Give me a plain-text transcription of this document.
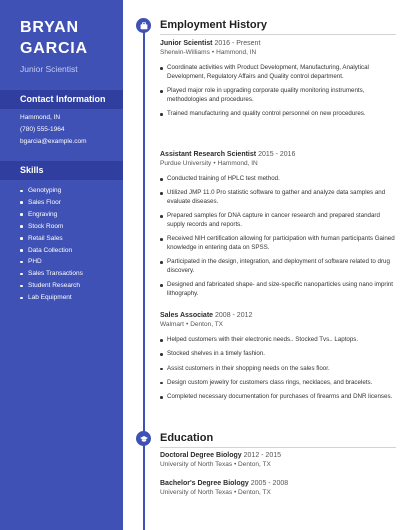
BRYAN
GARCIA
Junior Scientist
Contact Information
Hammond, IN
(780) 555-1964
bgarcia@example.com
Skills
Genotyping
Sales Floor
Engraving
Stock Room
Retail Sales
Data Collection
PHD
Sales Transactions
Student Research
Lab Equipment
Employment History
Junior Scientist 2016 - Present
Sherwin-Williams • Hammond, IN
Coordinate activities with Product Development, Manufacturing, Analytical Development, Regulatory Affairs and Quality control department.
Played major role in upgrading corporate quality monitoring instruments, methodologies and procedures.
Trained manufacturing and quality control personnel on new procedures.
Assistant Research Scientist 2015 - 2016
Purdue University • Hammond, IN
Conducted training of HPLC test method.
Utilized JMP 11.0 Pro statistic software to gather and analyze data samples and evaluate diseases.
Prepared samples for DNA capture in cancer research and prepared standard supply records and reports.
Received NIH certification allowing for participation with human participants Gained knowledge in entering data on SPSS.
Participated in the design, integration, and deployment of software related to drug discovery.
Designed and fabricated shape- and size-specific nanoparticles using nano imprint lithography.
Sales Associate 2008 - 2012
Walmart • Denton, TX
Helped customers with their electronic needs.. Stocked Tvs.. Laptops.
Stocked shelves in a timely fashion.
Assist customers in their shopping needs on the sales floor.
Design custom jewelry for customers class rings, necklaces, and bracelets.
Completed necessary documentation for purchases of firearms and DNR licenses.
Education
Doctoral Degree Biology 2012 - 2015
University of North Texas • Denton, TX
Bachelor's Degree Biology 2005 - 2008
University of North Texas • Denton, TX
